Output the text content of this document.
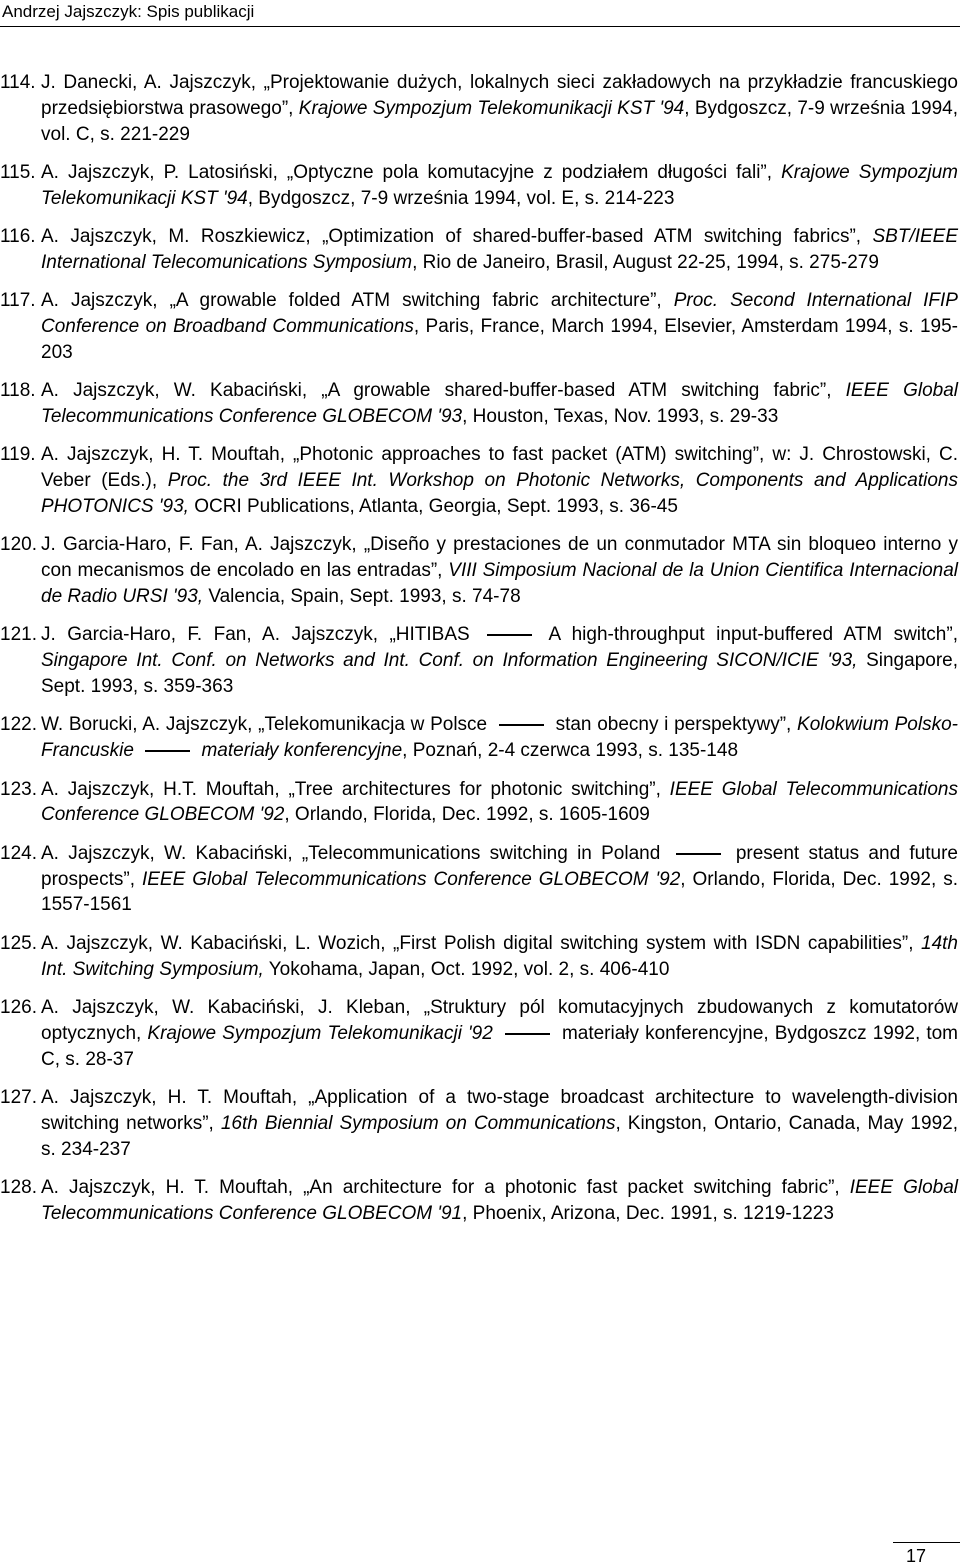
Andrzej Jajszczyk: Spis publikacji
114. J. Danecki, A. Jajszczyk, „Projektowanie dużych, lokalnych sieci zakładowych na przykładzie francuskiego przedsiębiorstwa prasowego”, Krajowe Sympozjum Telekomunikacji KST '94, Bydgoszcz, 7-9 września 1994, vol. C, s. 221-229
115. A. Jajszczyk, P. Latosiński, „Optyczne pola komutacyjne z podziałem długości fali”, Krajowe Sympozjum Telekomunikacji KST '94, Bydgoszcz, 7-9 września 1994, vol. E, s. 214-223
116. A. Jajszczyk, M. Roszkiewicz, „Optimization of shared-buffer-based ATM switching fabrics”, SBT/IEEE International Telecomunications Symposium, Rio de Janeiro, Brasil, August 22-25, 1994, s. 275-279
117. A. Jajszczyk, „A growable folded ATM switching fabric architecture”, Proc. Second International IFIP Conference on Broadband Communications, Paris, France, March 1994, Elsevier, Amsterdam 1994, s. 195-203
118. A. Jajszczyk, W. Kabaciński, „A growable shared-buffer-based ATM switching fabric”, IEEE Global Telecommunications Conference GLOBECOM '93, Houston, Texas, Nov. 1993, s. 29-33
119. A. Jajszczyk, H. T. Mouftah, „Photonic approaches to fast packet (ATM) switching”, w: J. Chrostowski, C. Veber (Eds.), Proc. the 3rd IEEE Int. Workshop on Photonic Networks, Components and Applications PHOTONICS '93, OCRI Publications, Atlanta, Georgia, Sept. 1993, s. 36-45
120. J. Garcia-Haro, F. Fan, A. Jajszczyk, „Diseño y prestaciones de un conmutador MTA sin bloqueo interno y con mecanismos de encolado en las entradas”, VIII Simposium Nacional de la Union Cientifica Internacional de Radio URSI '93, Valencia, Spain, Sept. 1993, s. 74-78
121. J. Garcia-Haro, F. Fan, A. Jajszczyk, „HITIBAS	A high-throughput input-buffered ATM switch”, Singapore Int. Conf. on Networks and Int. Conf. on Information Engineering SICON/ICIE '93, Singapore, Sept. 1993, s. 359-363
122. W. Borucki, A. Jajszczyk, „Telekomunikacja w Polsce	stan obecny i perspektywy”, Kolokwium Polsko-Francuskie	materiały konferencyjne, Poznań, 2-4 czerwca 1993, s. 135-148
123. A. Jajszczyk, H.T. Mouftah, „Tree architectures for photonic switching”, IEEE Global Telecommunications Conference GLOBECOM '92, Orlando, Florida, Dec. 1992, s. 1605-1609
124. A. Jajszczyk, W. Kabaciński, „Telecommunications switching in Poland	present status and future prospects”, IEEE Global Telecommunications Conference GLOBECOM '92, Orlando, Florida, Dec. 1992, s. 1557-1561
125. A. Jajszczyk, W. Kabaciński, L. Wozich, „First Polish digital switching system with ISDN capabilities”, 14th Int. Switching Symposium, Yokohama, Japan, Oct. 1992, vol. 2, s. 406-410
126. A. Jajszczyk, W. Kabaciński, J. Kleban, „Struktury pól komutacyjnych zbudowanych z komutatorów optycznych, Krajowe Sympozjum Telekomunikacji '92	materiały konferencyjne, Bydgoszcz 1992, tom C, s. 28-37
127. A. Jajszczyk, H. T. Mouftah, „Application of a two-stage broadcast architecture to wavelength-division switching networks”, 16th Biennial Symposium on Communications, Kingston, Ontario, Canada, May 1992, s. 234-237
128. A. Jajszczyk, H. T. Mouftah, „An architecture for a photonic fast packet switching fabric”, IEEE Global Telecommunications Conference GLOBECOM '91, Phoenix, Arizona, Dec. 1991, s. 1219-1223
17
